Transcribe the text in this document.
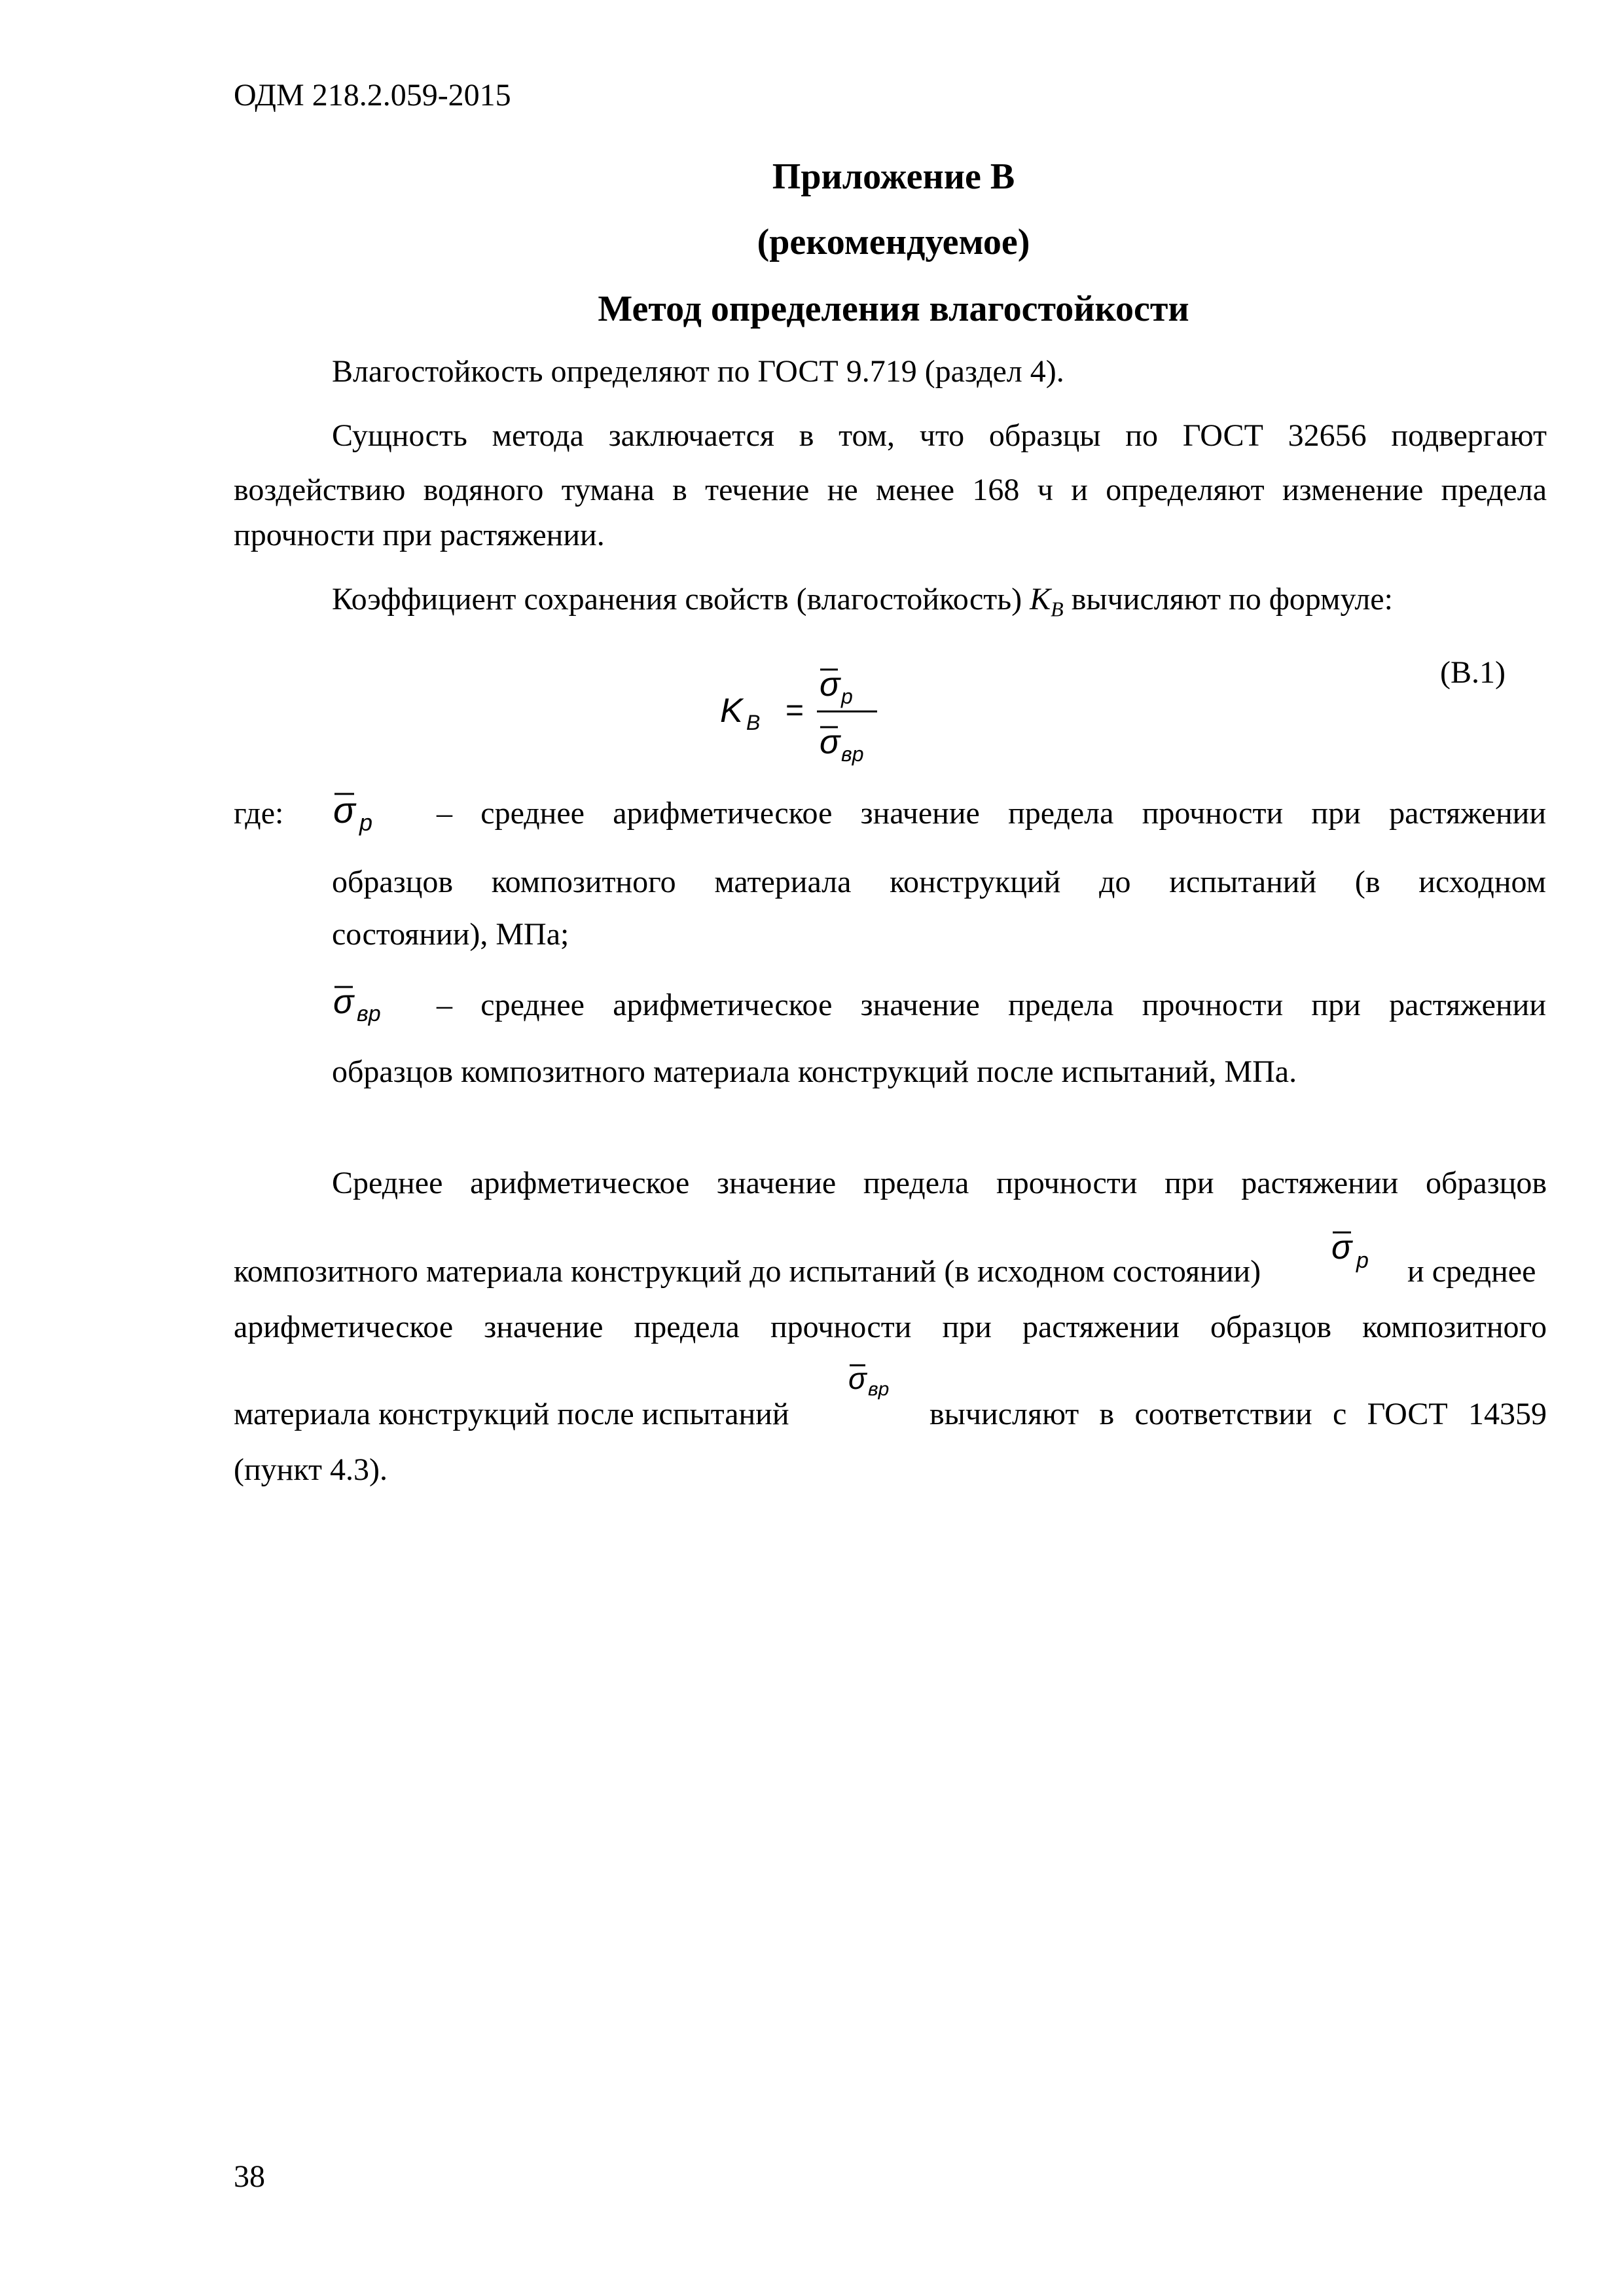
ОДМ 218.2.059-2015
Приложение В
(рекомендуемое)
Метод определения влагостойкости
Влагостойкость определяют по ГОСТ 9.719 (раздел 4).
Сущность метода заключается в том, что образцы по ГОСТ 32656 подвергают
воздействию водяного тумана в течение не менее 168 ч и определяют изменение предела
прочности при растяжении.
Коэффициент сохранения свойств (влагостойкость) $K_B$ вычисляют по формуле:
K B =
σ p
σ вр
(В.1)
где: σ p – среднее арифметическое значение предела прочности при растяжении
образцов композитного материала конструкций до испытаний (в исходном
состоянии), МПа;
σ вр – среднее арифметическое значение предела прочности при растяжении
образцов композитного материала конструкций после испытаний, МПа.
Среднее арифметическое значение предела прочности при растяжении образцов
композитного материала конструкций до испытаний (в исходном состоянии)
σ p и среднее
арифметическое значение предела прочности при растяжении образцов композитного
материала конструкций после испытаний
σ вр
вычисляют в соответствии с ГОСТ 14359
(пункт 4.3).
38
